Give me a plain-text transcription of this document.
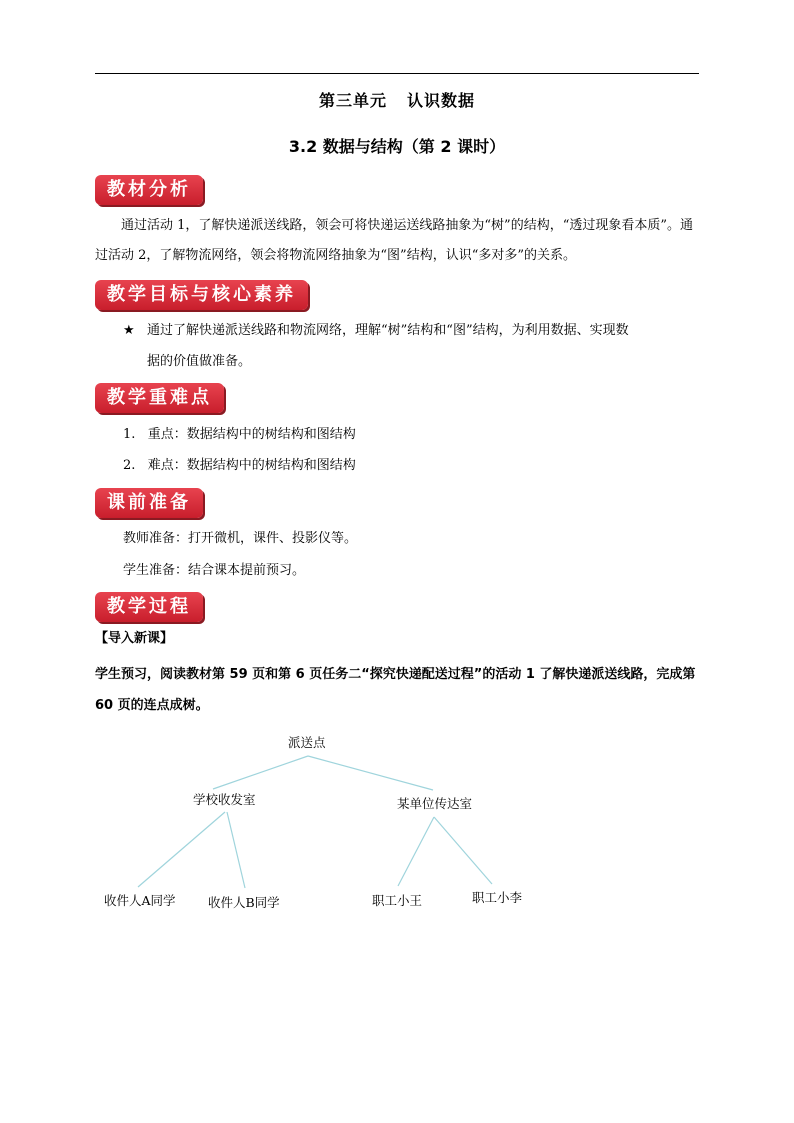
第三单元 认识数据
3.2 数据与结构（第 2 课时）
教材分析
通过活动 1，了解快递派送线路，领会可将快递运送线路抽象为“树”的结构，“透过现象看本质”。通过活动 2，了解物流网络，领会将物流网络抽象为“图”结构，认识“多对多”的关系。
教学目标与核心素养
★ 通过了解快递派送线路和物流网络，理解“树”结构和“图”结构，为利用数据、实现数
据的价值做准备。
教学重难点
1.   重点：数据结构中的树结构和图结构
2.   难点：数据结构中的树结构和图结构
课前准备
教师准备：打开微机，课件、投影仪等。
学生准备：结合课本提前预习。
教学过程
【导入新课】
学生预习，阅读教材第 59 页和第 6 页任务二“探究快递配送过程”的活动 1 了解快递派送线路，完成第 60 页的连点成树。
派送点
学校收发室	某单位传达室
收件人A同学	收件人B同学	职工小王	职工小李
